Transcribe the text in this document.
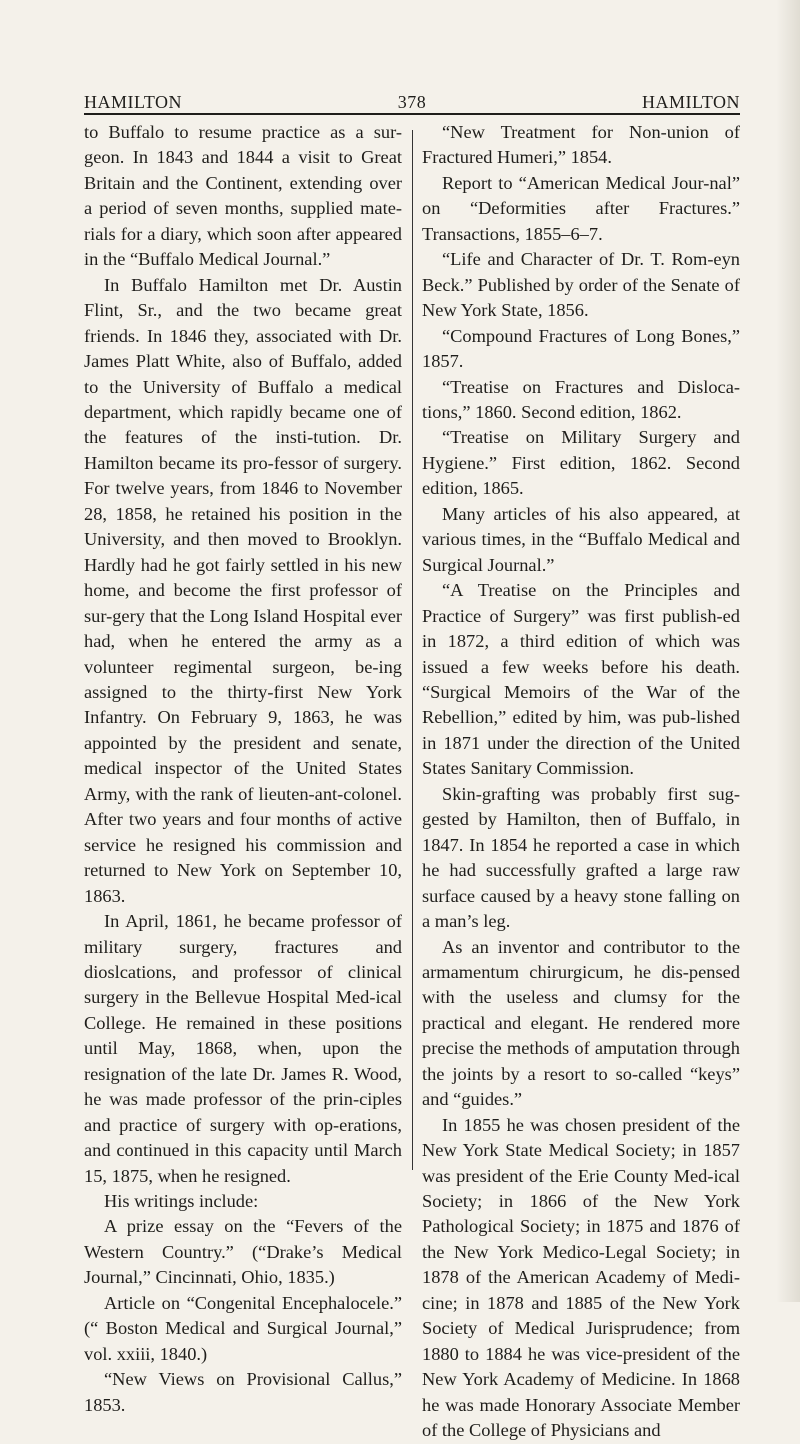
HAMILTON	378	HAMILTON

to Buffalo to resume practice as a sur-geon. In 1843 and 1844 a visit to Great Britain and the Continent, extending over a period of seven months, supplied mate-rials for a diary, which soon after appeared in the “Buffalo Medical Journal.”

In Buffalo Hamilton met Dr. Austin Flint, Sr., and the two became great friends. In 1846 they, associated with Dr. James Platt White, also of Buffalo, added to the University of Buffalo a medical department, which rapidly became one of the features of the insti-tution. Dr. Hamilton became its pro-fessor of surgery. For twelve years, from 1846 to November 28, 1858, he retained his position in the University, and then moved to Brooklyn. Hardly had he got fairly settled in his new home, and become the first professor of sur-gery that the Long Island Hospital ever had, when he entered the army as a volunteer regimental surgeon, be-ing assigned to the thirty-first New York Infantry. On February 9, 1863, he was appointed by the president and senate, medical inspector of the United States Army, with the rank of lieuten-ant-colonel. After two years and four months of active service he resigned his commission and returned to New York on September 10, 1863.

In April, 1861, he became professor of military surgery, fractures and dioslcations, and professor of clinical surgery in the Bellevue Hospital Med-ical College. He remained in these positions until May, 1868, when, upon the resignation of the late Dr. James R. Wood, he was made professor of the prin-ciples and practice of surgery with op-erations, and continued in this capacity until March 15, 1875, when he resigned.

His writings include:

A prize essay on the “Fevers of the Western Country.” (“Drake’s Medical Journal,” Cincinnati, Ohio, 1835.)

Article on “Congenital Encephalocele.” (“ Boston Medical and Surgical Journal,” vol. xxiii, 1840.)

“New Views on Provisional Callus,” 1853.

“New Treatment for Non-union of Fractured Humeri,” 1854.

Report to “American Medical Jour-nal” on “Deformities after Fractures.” Transactions, 1855–6–7.

“Life and Character of Dr. T. Rom-eyn Beck.” Published by order of the Senate of New York State, 1856.

“Compound Fractures of Long Bones,” 1857.

“Treatise on Fractures and Disloca-tions,” 1860. Second edition, 1862.

“Treatise on Military Surgery and Hygiene.” First edition, 1862. Second edition, 1865.

Many articles of his also appeared, at various times, in the “Buffalo Medical and Surgical Journal.”

“A Treatise on the Principles and Practice of Surgery” was first publish-ed in 1872, a third edition of which was issued a few weeks before his death. “Surgical Memoirs of the War of the Rebellion,” edited by him, was pub-lished in 1871 under the direction of the United States Sanitary Commission.

Skin-grafting was probably first sug-gested by Hamilton, then of Buffalo, in 1847. In 1854 he reported a case in which he had successfully grafted a large raw surface caused by a heavy stone falling on a man’s leg.

As an inventor and contributor to the armamentum chirurgicum, he dis-pensed with the useless and clumsy for the practical and elegant. He rendered more precise the methods of amputation through the joints by a resort to so-called “keys” and “guides.”

In 1855 he was chosen president of the New York State Medical Society; in 1857 was president of the Erie County Med-ical Society; in 1866 of the New York Pathological Society; in 1875 and 1876 of the New York Medico-Legal Society; in 1878 of the American Academy of Medi-cine; in 1878 and 1885 of the New York Society of Medical Jurisprudence; from 1880 to 1884 he was vice-president of the New York Academy of Medicine. In 1868 he was made Honorary Associate Member of the College of Physicians and
